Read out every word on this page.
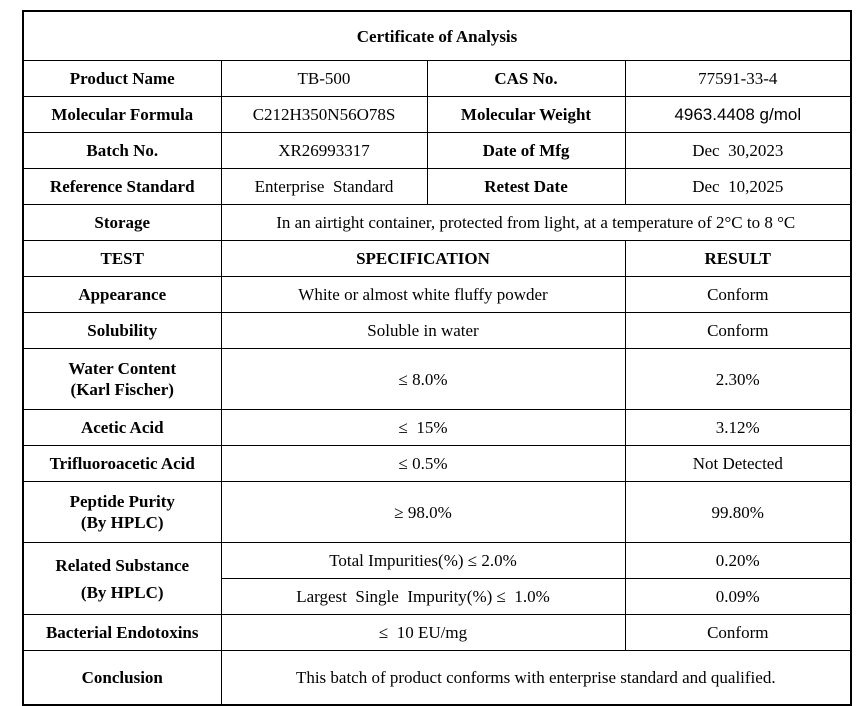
Certificate of Analysis			
Product Name	TB-500	CAS No.	77591-33-4
Molecular Formula	C212H350N56O78S	Molecular Weight	4963.4408 g/mol
Batch No.	XR26993317	Date of Mfg	Dec  30,2023
Reference Standard	Enterprise  Standard	Retest Date	Dec  10,2025
Storage	In an airtight container, protected from light, at a temperature of 2°C to 8 °C		
TEST	SPECIFICATION		RESULT
Appearance	White or almost white fluffy powder		Conform
Solubility	Soluble in water		Conform

Water Content
(Karl Fischer)	≤ 8.0%		2.30%
Acetic Acid	≤  15%		3.12%
Trifluoroacetic Acid	≤ 0.5%		Not Detected

Peptide Purity
(By HPLC)	≥ 98.0%		99.80%

Related Substance
(By HPLC)	Total Impurities(%) ≤ 2.0%		0.20%
	Largest  Single  Impurity(%) ≤  1.0%		0.09%
Bacterial Endotoxins	≤  10 EU/mg		Conform
Conclusion	This batch of product conforms with enterprise standard and qualified.		
